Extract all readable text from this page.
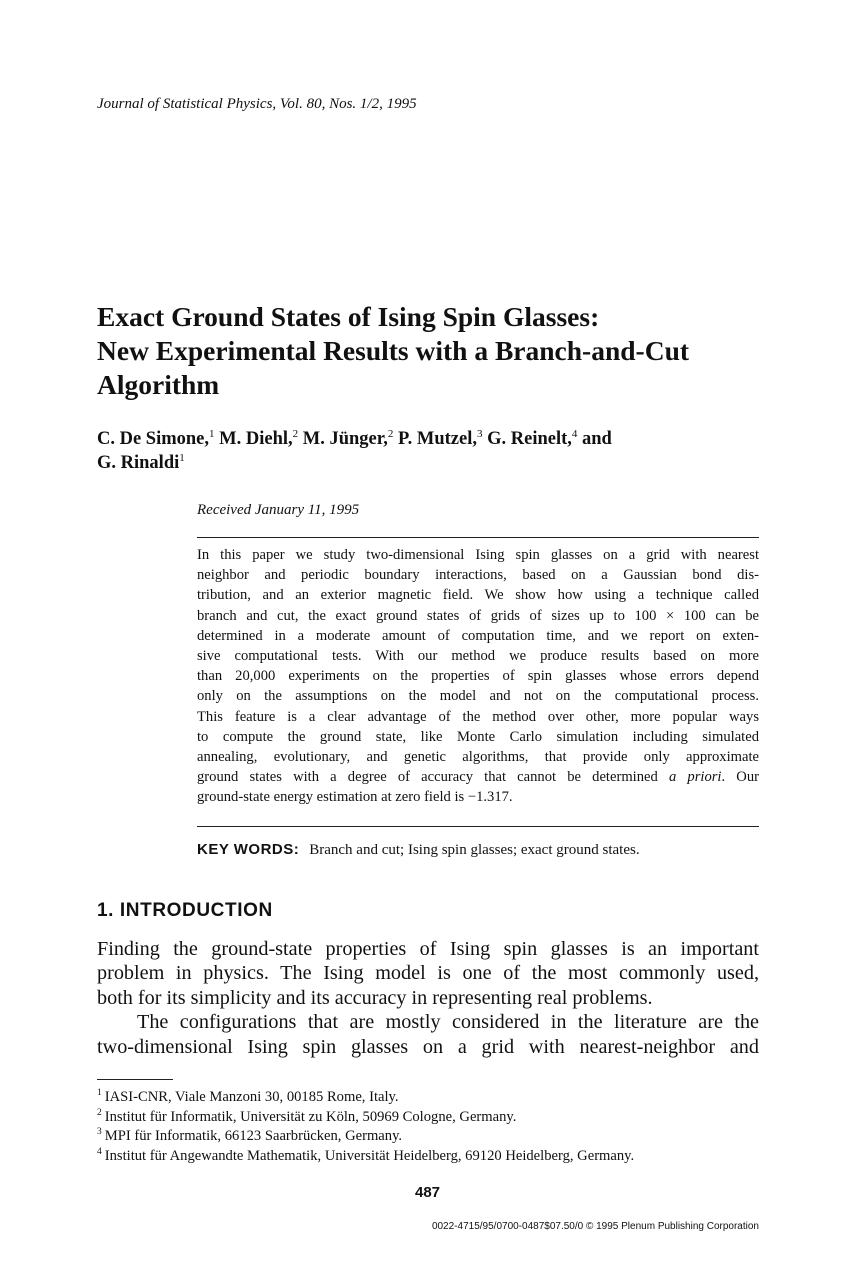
Journal of Statistical Physics, Vol. 80, Nos. 1/2, 1995
Exact Ground States of Ising Spin Glasses:
New Experimental Results with a Branch-and-Cut
Algorithm
C. De Simone,$^1$ M. Diehl,$^2$ M. Jünger,$^2$ P. Mutzel,$^3$ G. Reinelt,$^4$ and
G. Rinaldi$^1$
Received January 11, 1995
In this paper we study two-dimensional Ising spin glasses on a grid with nearest
neighbor and periodic boundary interactions, based on a Gaussian bond dis-
tribution, and an exterior magnetic field. We show how using a technique called
branch and cut, the exact ground states of grids of sizes up to 100 × 100 can be
determined in a moderate amount of computation time, and we report on exten-
sive computational tests. With our method we produce results based on more
than 20,000 experiments on the properties of spin glasses whose errors depend
only on the assumptions on the model and not on the computational process.
This feature is a clear advantage of the method over other, more popular ways
to compute the ground state, like Monte Carlo simulation including simulated
annealing, evolutionary, and genetic algorithms, that provide only approximate
ground states with a degree of accuracy that cannot be determined a priori. Our
ground-state energy estimation at zero field is −1.317.
KEY WORDS: Branch and cut; Ising spin glasses; exact ground states.
1. INTRODUCTION
Finding the ground-state properties of Ising spin glasses is an important
problem in physics. The Ising model is one of the most commonly used,
both for its simplicity and its accuracy in representing real problems.
The configurations that are mostly considered in the literature are the
two-dimensional Ising spin glasses on a grid with nearest-neighbor and
$^1$ IASI-CNR, Viale Manzoni 30, 00185 Rome, Italy.
$^2$ Institut für Informatik, Universität zu Köln, 50969 Cologne, Germany.
$^3$ MPI für Informatik, 66123 Saarbrücken, Germany.
$^4$ Institut für Angewandte Mathematik, Universität Heidelberg, 69120 Heidelberg, Germany.
487
0022-4715/95/0700-0487$07.50/0 © 1995 Plenum Publishing Corporation
